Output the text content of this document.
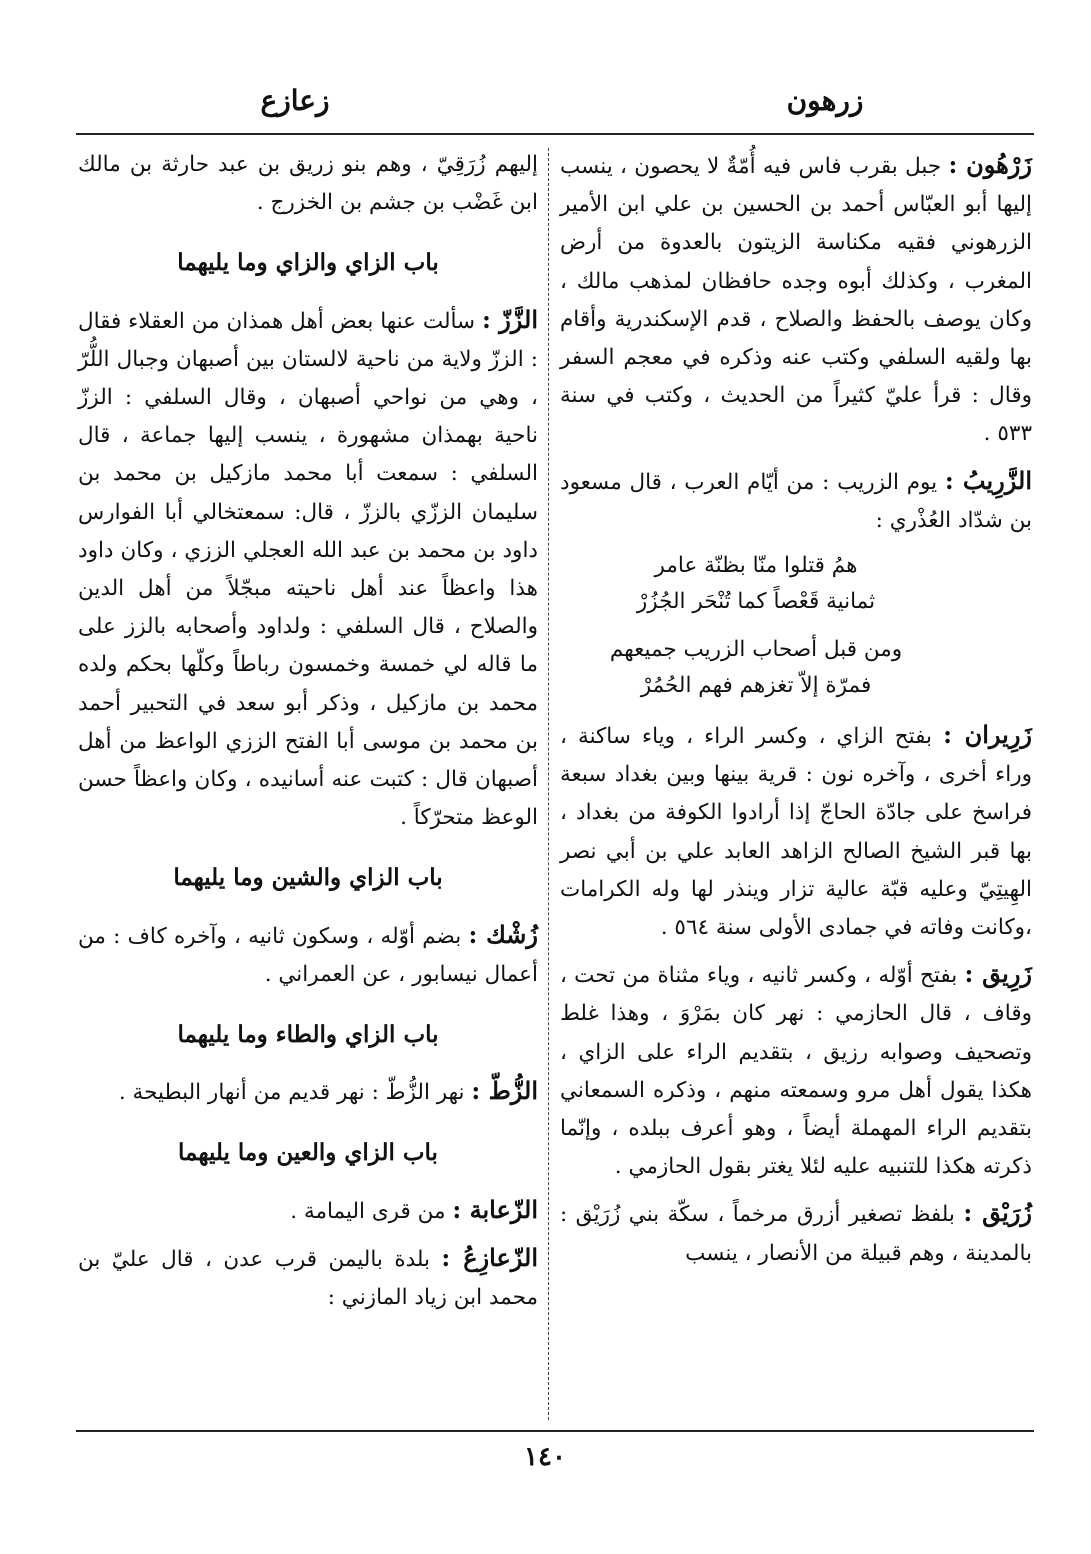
زرهون
زعازع

زَرْهُون : جبل بقرب فاس فيه أُمّةٌ لا يحصون ، ينسب إليها أبو العبّاس أحمد بن الحسين بن علي ابن الأمير الزرهوني فقيه مكناسة الزيتون بالعدوة من أرض المغرب ، وكذلك أبوه وجده حافظان لمذهب مالك ، وكان يوصف بالحفظ والصلاح ، قدم الإسكندرية وأقام بها ولقيه السلفي وكتب عنه وذكره في معجم السفر وقال : قرأ عليّ كثيراً من الحديث ، وكتب في سنة ٥٣٣ .

الزَّرِيبُ : يوم الزريب : من أيّام العرب ، قال مسعود بن شدّاد العُذْري :

همُ قتلوا منّا بظنّة عامر
ثمانية قَعْصاً كما تُنْحَر الجُزُرْ
ومن قبل أصحاب الزريب جميعهم
فمرّة إلاّ تغزهم فهم الحُمُرْ

زَرِيران : بفتح الزاي ، وكسر الراء ، وياء ساكنة ، وراء أخرى ، وآخره نون : قرية بينها وبين بغداد سبعة فراسخ على جادّة الحاجّ إذا أرادوا الكوفة من بغداد ، بها قبر الشيخ الصالح الزاهد العابد علي بن أبي نصر الهِيتِيّ وعليه قبّة عالية تزار وينذر لها وله الكرامات ،وكانت وفاته في جمادى الأولى سنة ٥٦٤ .

زَرِيق : بفتح أوّله ، وكسر ثانيه ، وياء مثناة من تحت ، وقاف ، قال الحازمي : نهر كان بمَرْوَ ، وهذا غلط وتصحيف وصوابه رزيق ، بتقديم الراء على الزاي ، هكذا يقول أهل مرو وسمعته منهم ، وذكره السمعاني بتقديم الراء المهملة أيضاً ، وهو أعرف ببلده ، وإنّما ذكرته هكذا للتنبيه عليه لئلا يغتر بقول الحازمي .

زُرَيْق : بلفظ تصغير أزرق مرخماً ، سكّة بني زُرَيْق : بالمدينة ، وهم قبيلة من الأنصار ، ينسب

إليهم زُرَقِيّ ، وهم بنو زريق بن عبد حارثة بن مالك ابن غَضْب بن جشم بن الخزرج .

باب الزاي والزاي وما يليهما

الزَّزّ : سألت عنها بعض أهل همذان من العقلاء فقال : الززّ ولاية من ناحية لالستان بين أصبهان وجبال اللُّرّ ، وهي من نواحي أصبهان ، وقال السلفي : الززّ ناحية بهمذان مشهورة ، ينسب إليها جماعة ، قال السلفي : سمعت أبا محمد مازكيل بن محمد بن سليمان الززّي بالززّ ، قال: سمعتخالي أبا الفوارس داود بن محمد بن عبد الله العجلي الززي ، وكان داود هذا واعظاً عند أهل ناحيته مبجّلاً من أهل الدين والصلاح ، قال السلفي : ولداود وأصحابه بالزز على ما قاله لي خمسة وخمسون رباطاً وكلّها بحكم ولده محمد بن مازكيل ، وذكر أبو سعد في التحبير أحمد بن محمد بن موسى أبا الفتح الززي الواعظ من أهل أصبهان قال : كتبت عنه أسانيده ، وكان واعظاً حسن الوعظ متحرّكاً .

باب الزاي والشين وما يليهما

زُشْك : بضم أوّله ، وسكون ثانيه ، وآخره كاف : من أعمال نيسابور ، عن العمراني .

باب الزاي والطاء وما يليهما

الزُّطّ : نهر الزُّطّ : نهر قديم من أنهار البطيحة .

باب الزاي والعين وما يليهما

الزّعابة : من قرى اليمامة .

الزّعازِعُ : بلدة باليمن قرب عدن ، قال عليّ بن محمد ابن زياد المازني :

١٤٠
